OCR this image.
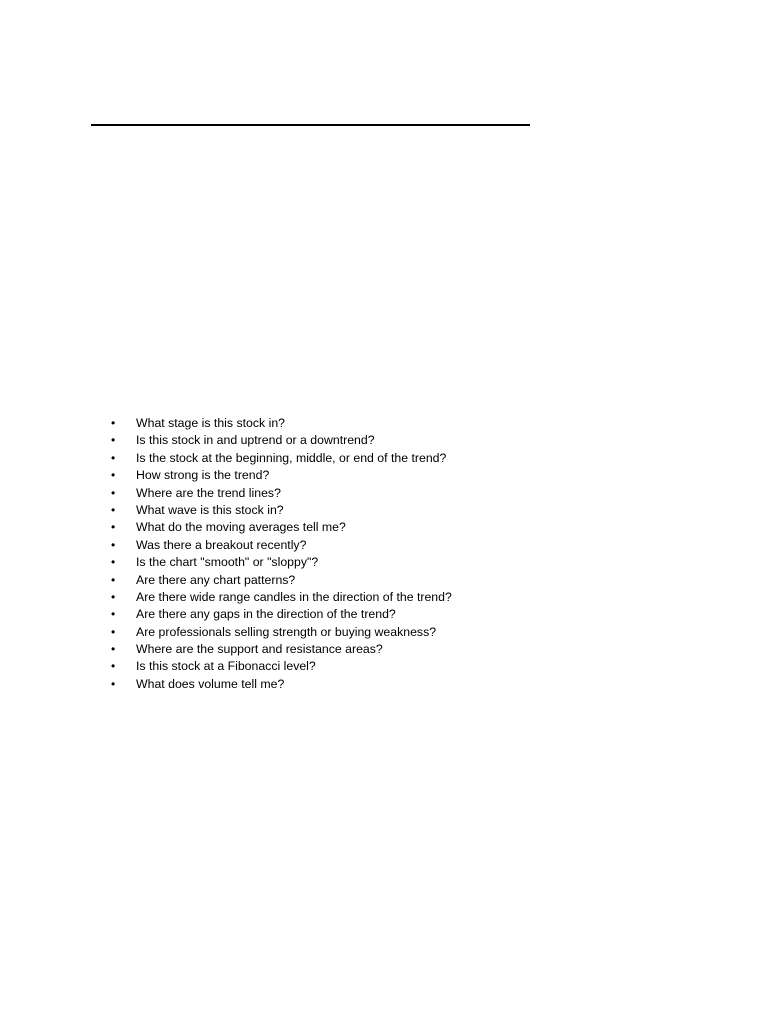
•	What stage is this stock in?
•	Is this stock in and uptrend or a downtrend?
•	Is the stock at the beginning, middle, or end of the trend?
•	How strong is the trend?
•	Where are the trend lines?
•	What wave is this stock in?
•	What do the moving averages tell me?
•	Was there a breakout recently?
•	Is the chart "smooth" or "sloppy"?
•	Are there any chart patterns?
•	Are there wide range candles in the direction of the trend?
•	Are there any gaps in the direction of the trend?
•	Are professionals selling strength or buying weakness?
•	Where are the support and resistance areas?
•	Is this stock at a Fibonacci level?
•	What does volume tell me?
